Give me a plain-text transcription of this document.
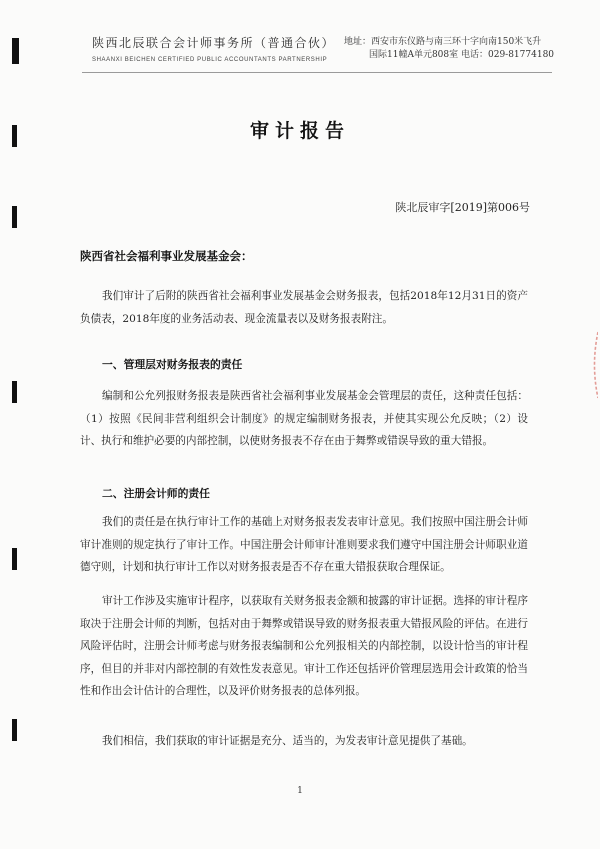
陕西北辰联合会计师事务所（普通合伙）
SHAANXI BEICHEN CERTIFIED PUBLIC ACCOUNTANTS PARTNERSHIP
地址：西安市东仪路与南三环十字向南150米飞升
国际11幢A单元808室 电话：029-81774180
审计报告
陕北辰审字[2019]第006号
陕西省社会福利事业发展基金会：
我们审计了后附的陕西省社会福利事业发展基金会财务报表，包括2018年12月31日的资产负债表，2018年度的业务活动表、现金流量表以及财务报表附注。
一、管理层对财务报表的责任
编制和公允列报财务报表是陕西省社会福利事业发展基金会管理层的责任，这种责任包括：（1）按照《民间非营利组织会计制度》的规定编制财务报表，并使其实现公允反映；（2）设计、执行和维护必要的内部控制，以使财务报表不存在由于舞弊或错误导致的重大错报。
二、注册会计师的责任
我们的责任是在执行审计工作的基础上对财务报表发表审计意见。我们按照中国注册会计师审计准则的规定执行了审计工作。中国注册会计师审计准则要求我们遵守中国注册会计师职业道德守则，计划和执行审计工作以对财务报表是否不存在重大错报获取合理保证。
审计工作涉及实施审计程序，以获取有关财务报表金额和披露的审计证据。选择的审计程序取决于注册会计师的判断，包括对由于舞弊或错误导致的财务报表重大错报风险的评估。在进行风险评估时，注册会计师考虑与财务报表编制和公允列报相关的内部控制，以设计恰当的审计程序，但目的并非对内部控制的有效性发表意见。审计工作还包括评价管理层选用会计政策的恰当性和作出会计估计的合理性，以及评价财务报表的总体列报。
我们相信，我们获取的审计证据是充分、适当的，为发表审计意见提供了基础。
1
